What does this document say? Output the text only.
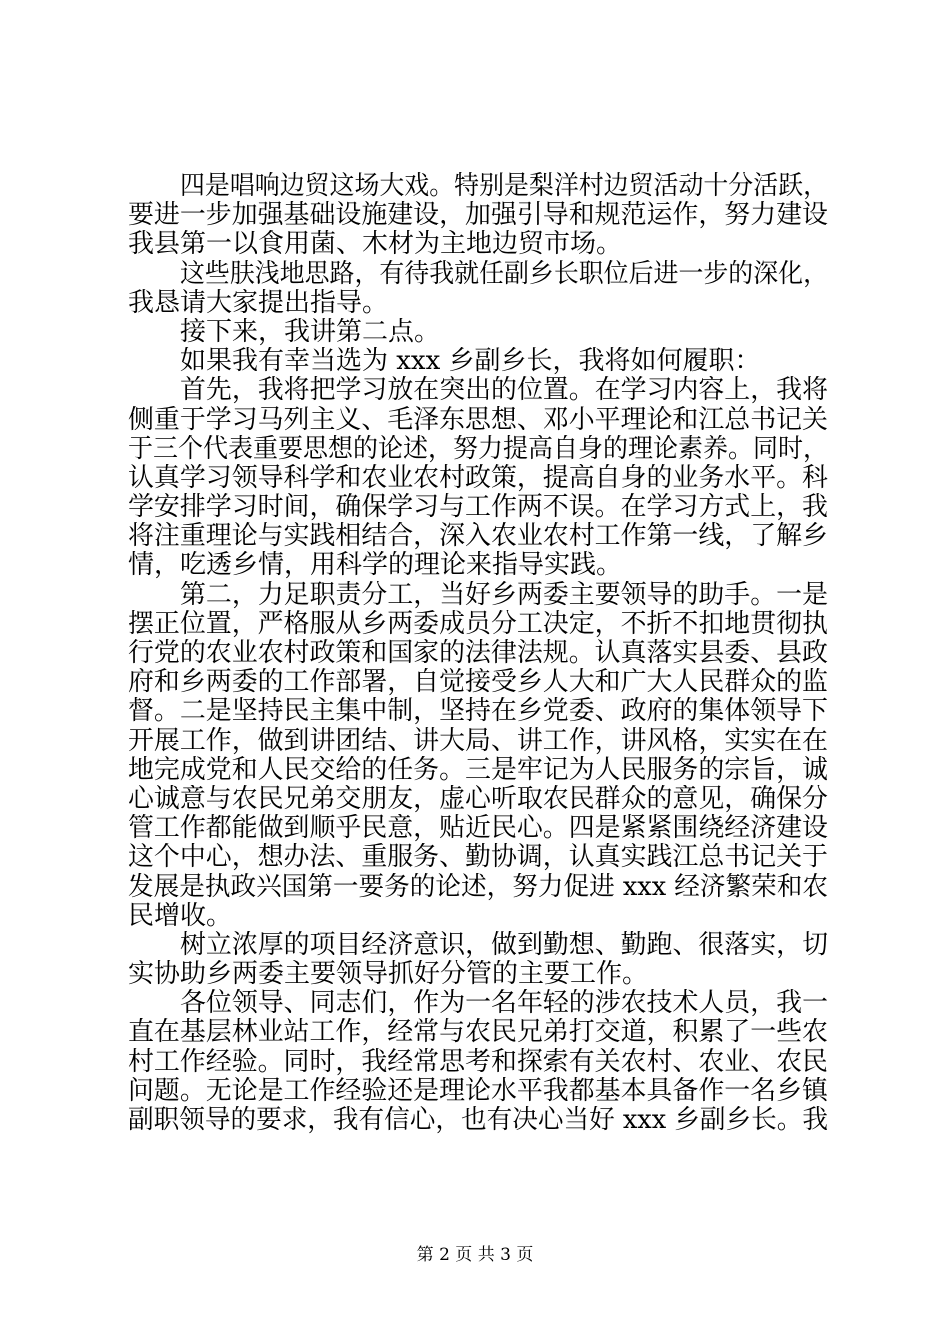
四是唱响边贸这场大戏。特别是梨洋村边贸活动十分活跃，
要进一步加强基础设施建设，加强引导和规范运作，努力建设
我县第一以食用菌、木材为主地边贸市场。
这些肤浅地思路，有待我就任副乡长职位后进一步的深化，
我恳请大家提出指导。
接下来，我讲第二点。
如果我有幸当选为 xxx 乡副乡长，我将如何履职：
首先，我将把学习放在突出的位置。在学习内容上，我将
侧重于学习马列主义、毛泽东思想、邓小平理论和江总书记关
于三个代表重要思想的论述，努力提高自身的理论素养。同时，
认真学习领导科学和农业农村政策，提高自身的业务水平。科
学安排学习时间，确保学习与工作两不误。在学习方式上，我
将注重理论与实践相结合，深入农业农村工作第一线，了解乡
情，吃透乡情，用科学的理论来指导实践。
第二，力足职责分工，当好乡两委主要领导的助手。一是
摆正位置，严格服从乡两委成员分工决定，不折不扣地贯彻执
行党的农业农村政策和国家的法律法规。认真落实县委、县政
府和乡两委的工作部署，自觉接受乡人大和广大人民群众的监
督。二是坚持民主集中制，坚持在乡党委、政府的集体领导下
开展工作，做到讲团结、讲大局、讲工作，讲风格，实实在在
地完成党和人民交给的任务。三是牢记为人民服务的宗旨，诚
心诚意与农民兄弟交朋友，虚心听取农民群众的意见，确保分
管工作都能做到顺乎民意，贴近民心。四是紧紧围绕经济建设
这个中心，想办法、重服务、勤协调，认真实践江总书记关于
发展是执政兴国第一要务的论述，努力促进 xxx 经济繁荣和农
民增收。
树立浓厚的项目经济意识，做到勤想、勤跑、很落实，切
实协助乡两委主要领导抓好分管的主要工作。
各位领导、同志们，作为一名年轻的涉农技术人员，我一
直在基层林业站工作，经常与农民兄弟打交道，积累了一些农
村工作经验。同时，我经常思考和探索有关农村、农业、农民
问题。无论是工作经验还是理论水平我都基本具备作一名乡镇
副职领导的要求，我有信心，也有决心当好 xxx 乡副乡长。我
第 2 页 共 3 页
